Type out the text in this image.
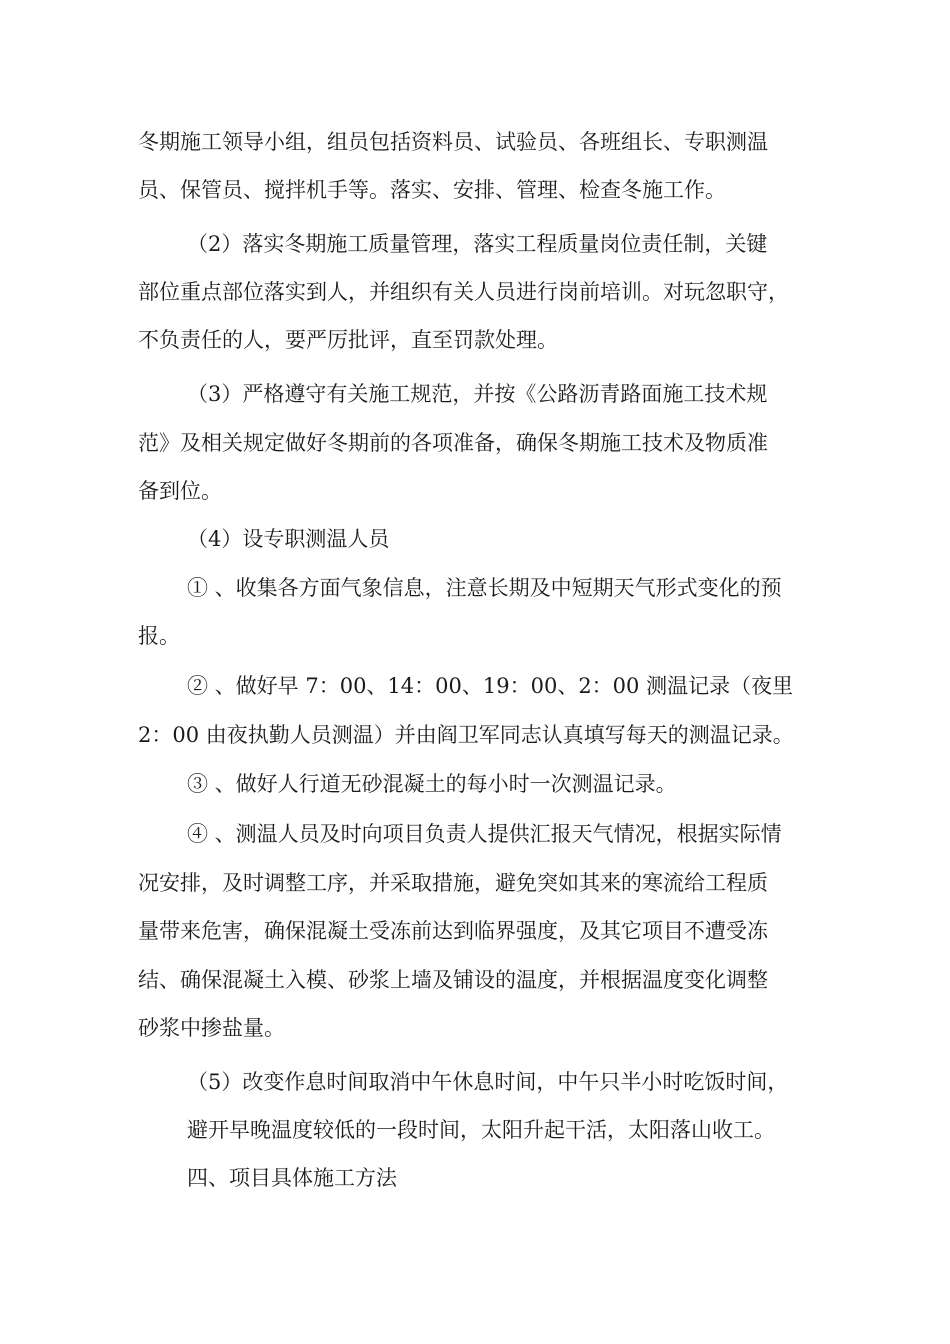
冬期施工领导小组，组员包括资料员、试验员、各班组长、专职测温
员、保管员、搅拌机手等。落实、安排、管理、检查冬施工作。
（2）落实冬期施工质量管理，落实工程质量岗位责任制，关键
部位重点部位落实到人，并组织有关人员进行岗前培训。对玩忽职守，
不负责任的人，要严厉批评，直至罚款处理。
（3）严格遵守有关施工规范，并按《公路沥青路面施工技术规
范》及相关规定做好冬期前的各项准备，确保冬期施工技术及物质准
备到位。
（4）设专职测温人员
① 、收集各方面气象信息，注意长期及中短期天气形式变化的预
报。
② 、做好早 7：00、14：00、19：00、2：00 测温记录（夜里
2：00 由夜执勤人员测温）并由阎卫军同志认真填写每天的测温记录。
③ 、做好人行道无砂混凝土的每小时一次测温记录。
④ 、测温人员及时向项目负责人提供汇报天气情况，根据实际情
况安排，及时调整工序，并采取措施，避免突如其来的寒流给工程质
量带来危害，确保混凝土受冻前达到临界强度，及其它项目不遭受冻
结、确保混凝土入模、砂浆上墙及铺设的温度，并根据温度变化调整
砂浆中掺盐量。
（5）改变作息时间取消中午休息时间，中午只半小时吃饭时间，
避开早晚温度较低的一段时间，太阳升起干活，太阳落山收工。
四、项目具体施工方法
